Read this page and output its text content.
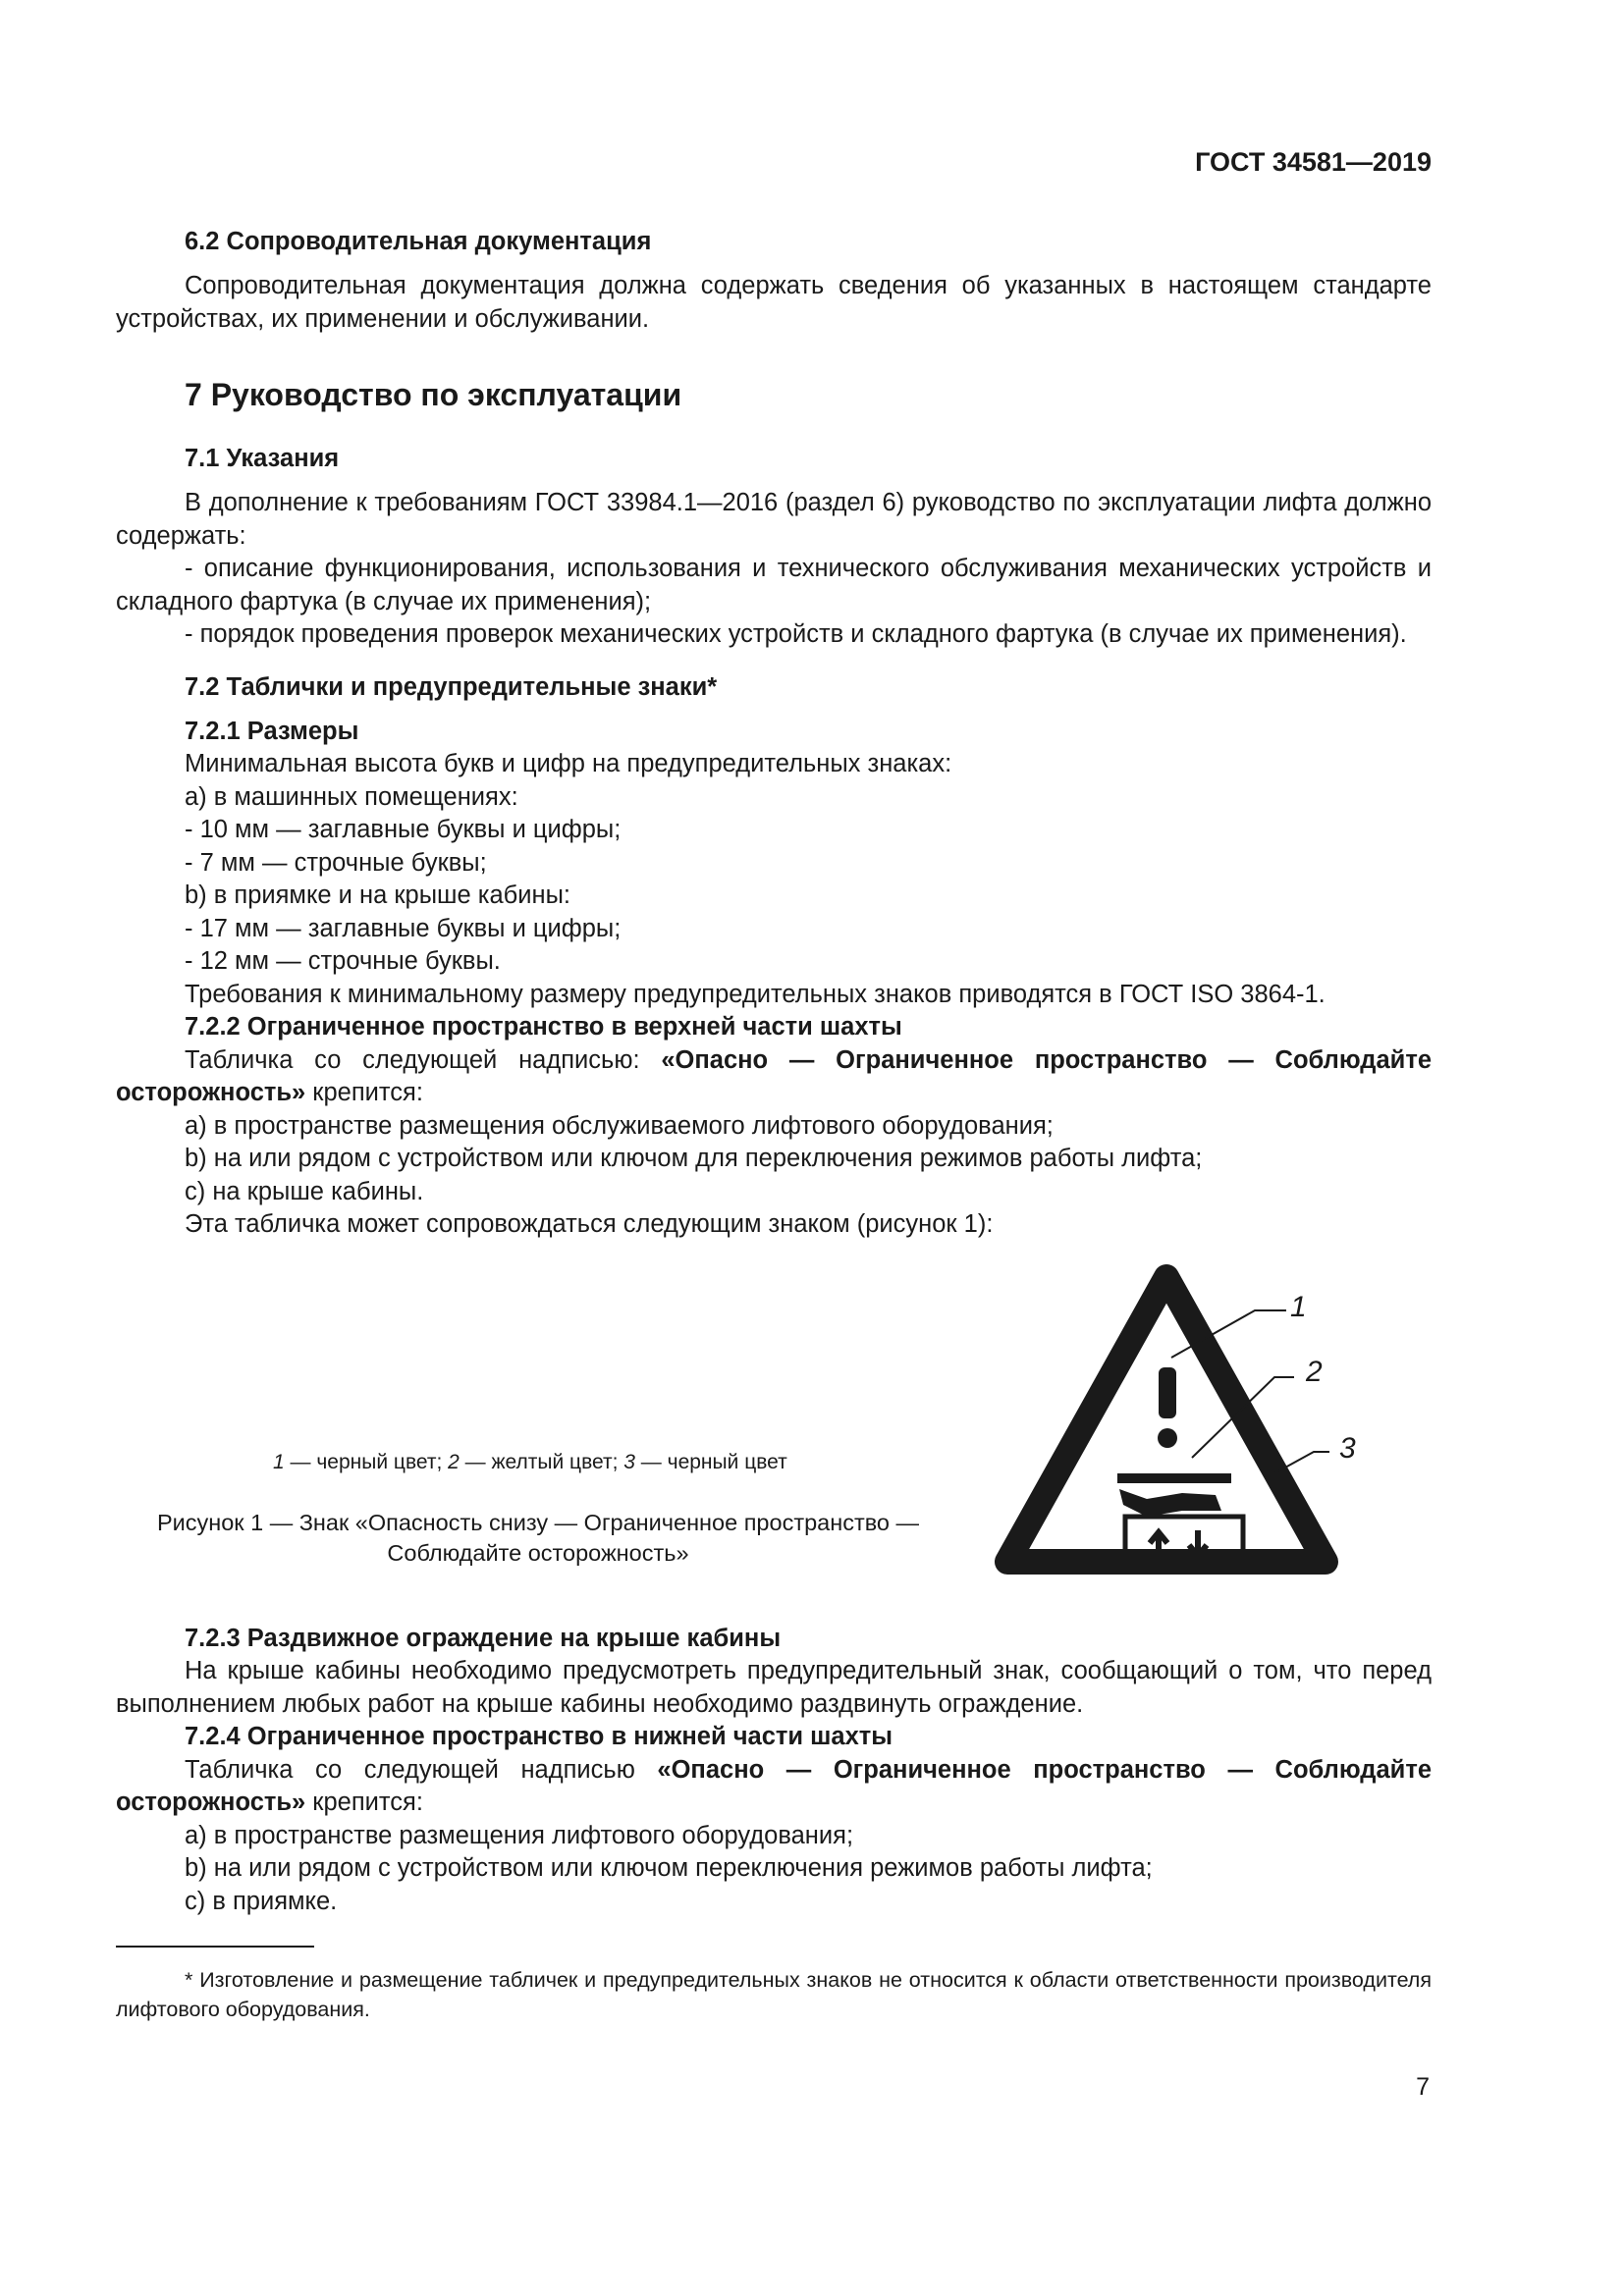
ГОСТ 34581—2019

6.2 Сопроводительная документация

Сопроводительная документация должна содержать сведения об указанных в настоящем стандарте устройствах, их применении и обслуживании.

7 Руководство по эксплуатации

7.1 Указания

В дополнение к требованиям ГОСТ 33984.1—2016 (раздел 6) руководство по эксплуатации лифта должно содержать:

- описание функционирования, использования и технического обслуживания механических устройств и складного фартука (в случае их применения);

- порядок проведения проверок механических устройств и складного фартука (в случае их применения).

7.2 Таблички и предупредительные знаки*

7.2.1 Размеры

Минимальная высота букв и цифр на предупредительных знаках:

а) в машинных помещениях:

- 10 мм — заглавные буквы и цифры;

- 7 мм — строчные буквы;

b) в приямке и на крыше кабины:

- 17 мм — заглавные буквы и цифры;

- 12 мм — строчные буквы.

Требования к минимальному размеру предупредительных знаков приводятся в ГОСТ ISO 3864-1.

7.2.2 Ограниченное пространство в верхней части шахты

Табличка со следующей надписью: «Опасно — Ограниченное пространство — Соблюдайте осторожность» крепится:

а) в пространстве размещения обслуживаемого лифтового оборудования;

b) на или рядом с устройством или ключом для переключения режимов работы лифта;

с) на крыше кабины.

Эта табличка может сопровождаться следующим знаком (рисунок 1):

1 — черный цвет; 2 — желтый цвет; 3 — черный цвет
Рисунок 1 — Знак «Опасность снизу — Ограниченное пространство —
Соблюдайте осторожность»
1
2
3

7.2.3 Раздвижное ограждение на крыше кабины

На крыше кабины необходимо предусмотреть предупредительный знак, сообщающий о том, что перед выполнением любых работ на крыше кабины необходимо раздвинуть ограждение.

7.2.4 Ограниченное пространство в нижней части шахты

Табличка со следующей надписью «Опасно — Ограниченное пространство — Соблюдайте осторожность» крепится:

а) в пространстве размещения лифтового оборудования;

b) на или рядом с устройством или ключом переключения режимов работы лифта;

с) в приямке.

* Изготовление и размещение табличек и предупредительных знаков не относится к области ответственности производителя лифтового оборудования.

7
